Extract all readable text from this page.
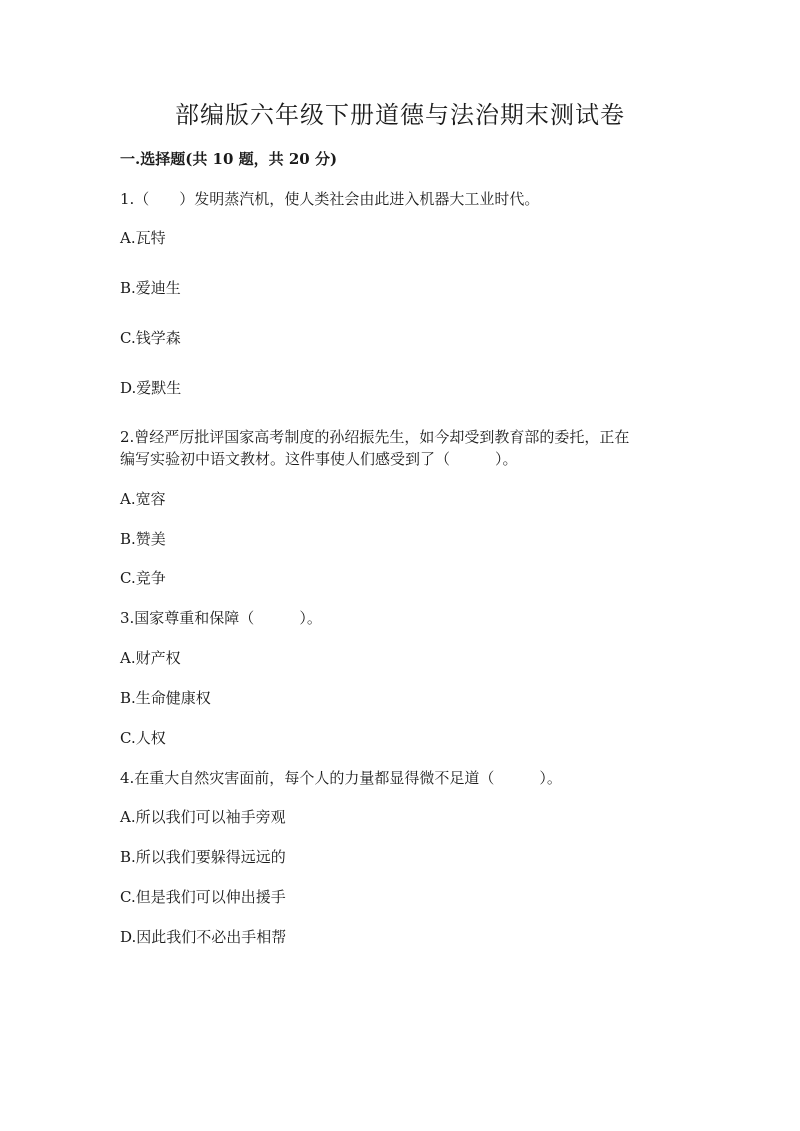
部编版六年级下册道德与法治期末测试卷
一.选择题(共 10 题，共 20 分)
1.（　　）发明蒸汽机，使人类社会由此进入机器大工业时代。
A.瓦特
B.爱迪生
C.钱学森
D.爱默生
2.曾经严厉批评国家高考制度的孙绍振先生，如今却受到教育部的委托，正在
编写实验初中语文教材。这件事使人们感受到了（　　　）。
A.宽容
B.赞美
C.竞争
3.国家尊重和保障（　　　）。
A.财产权
B.生命健康权
C.人权
4.在重大自然灾害面前，每个人的力量都显得微不足道（　　　）。
A.所以我们可以袖手旁观
B.所以我们要躲得远远的
C.但是我们可以伸出援手
D.因此我们不必出手相帮
